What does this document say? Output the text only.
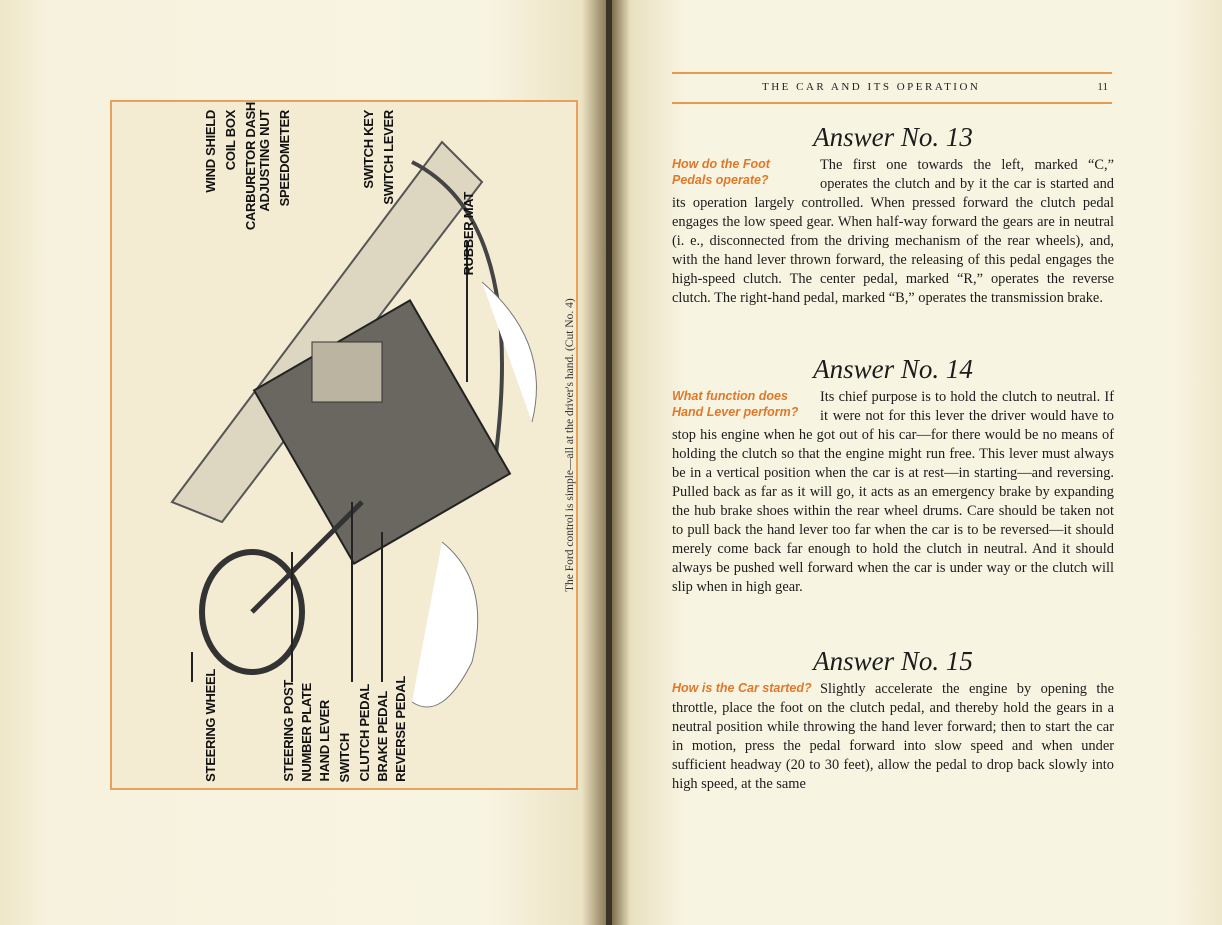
WIND SHIELD COIL BOX CARBURETOR DASH ADJUSTING NUT SPEEDOMETER	SWITCH KEY SWITCH LEVER
RUBBER MAT
STEERING WHEEL	STEERING POST NUMBER PLATE HAND LEVER SWITCH CLUTCH PEDAL BRAKE PEDAL REVERSE PEDAL
The Ford control is simple—all at the driver's hand. (Cut No. 4)
THE CAR AND ITS OPERATION	11
Answer No. 13
How do the Foot Pedals operate?
The first one towards the left, marked “C,” operates the clutch and by it the car is started and its operation largely controlled. When pressed forward the clutch pedal engages the low speed gear. When half-way forward the gears are in neutral (i. e., disconnected from the driving mechanism of the rear wheels), and, with the hand lever thrown forward, the releasing of this pedal engages the high-speed clutch. The center pedal, marked “R,” operates the reverse clutch. The right-hand pedal, marked “B,” operates the transmission brake.
Answer No. 14
What function does Hand Lever perform?
Its chief purpose is to hold the clutch to neutral. If it were not for this lever the driver would have to stop his engine when he got out of his car—for there would be no means of holding the clutch so that the engine might run free. This lever must always be in a vertical position when the car is at rest—in starting—and reversing. Pulled back as far as it will go, it acts as an emergency brake by expanding the hub brake shoes within the rear wheel drums. Care should be taken not to pull back the hand lever too far when the car is to be reversed—it should merely come back far enough to hold the clutch in neutral. And it should always be pushed well forward when the car is under way or the clutch will slip when in high gear.
Answer No. 15
How is the Car started? Slightly accelerate the engine by opening the throttle, place the foot on the clutch pedal, and thereby hold the gears in a neutral position while throwing the hand lever forward; then to start the car in motion, press the pedal forward into slow speed and when under sufficient headway (20 to 30 feet), allow the pedal to drop back slowly into high speed, at the same
